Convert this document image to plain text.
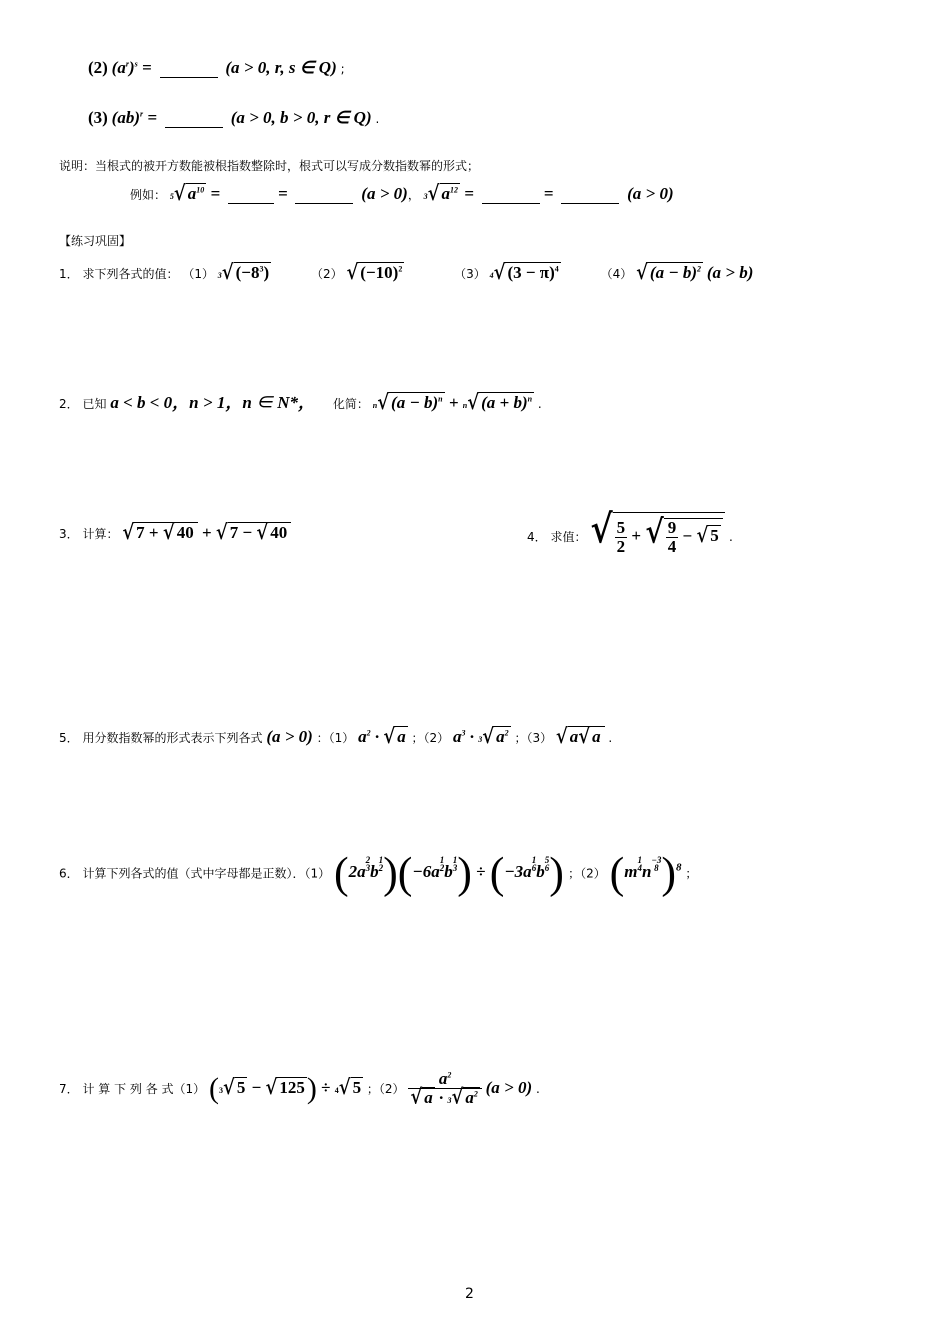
(2) $(a^r)^s$ =	(a > 0, r, s ∈ Q) ;
(3) (ab)$^r$ =	(a > 0, b > 0, r ∈ Q) .
说明：当根式的被开方数能被根指数整除时，根式可以写成分数指数幂的形式；
例如： 5√ $a^{10}$ =	=	(a > 0)， 3√ $a^{12}$ =	=	(a > 0)
【练习巩固】
1． 求下列各式的值： （1） 3√ $(-8^3)$	（2） √ $(-10)^2$	（3） 4√ $(3 - \pi)^4$	（4） √ $(a - b)^2$ (a > b)
2． 已知 a < b < 0，n > 1，n ∈ N*， 化简： n√ $(a - b)^n + n√$ $(a + b)^n$ .
3． 计算： √ 7 + √ 40 + √ 7 − √ 40	4． 求值： √ $\frac{5}{2}$ + √ $\frac{9}{4}$ − √ 5 .
5． 用分数指数幂的形式表示下列各式 (a > 0) ：（1） $a^2$ · √ a ；（2） $a^3 \cdot 3√$ $a^2$ ；（3） √ a√ a .
6． 计算下列各式的值（式中字母都是正数）．（1） (2a
2
3 b
1
2 )(−6a
1
2 b
1
3 ) ÷ (−3a
1
6 b
5
6 ) ；（2） (m
1
4 n
−3
8 )$^8$ ；
7． 计 算 下 列 各 式（1） (3√ 5 − √ 125) ÷ 4√ 5 ；$(2) \frac{a^2}{√ a \cdot 3√ a^2} (a > 0)$ .
2
